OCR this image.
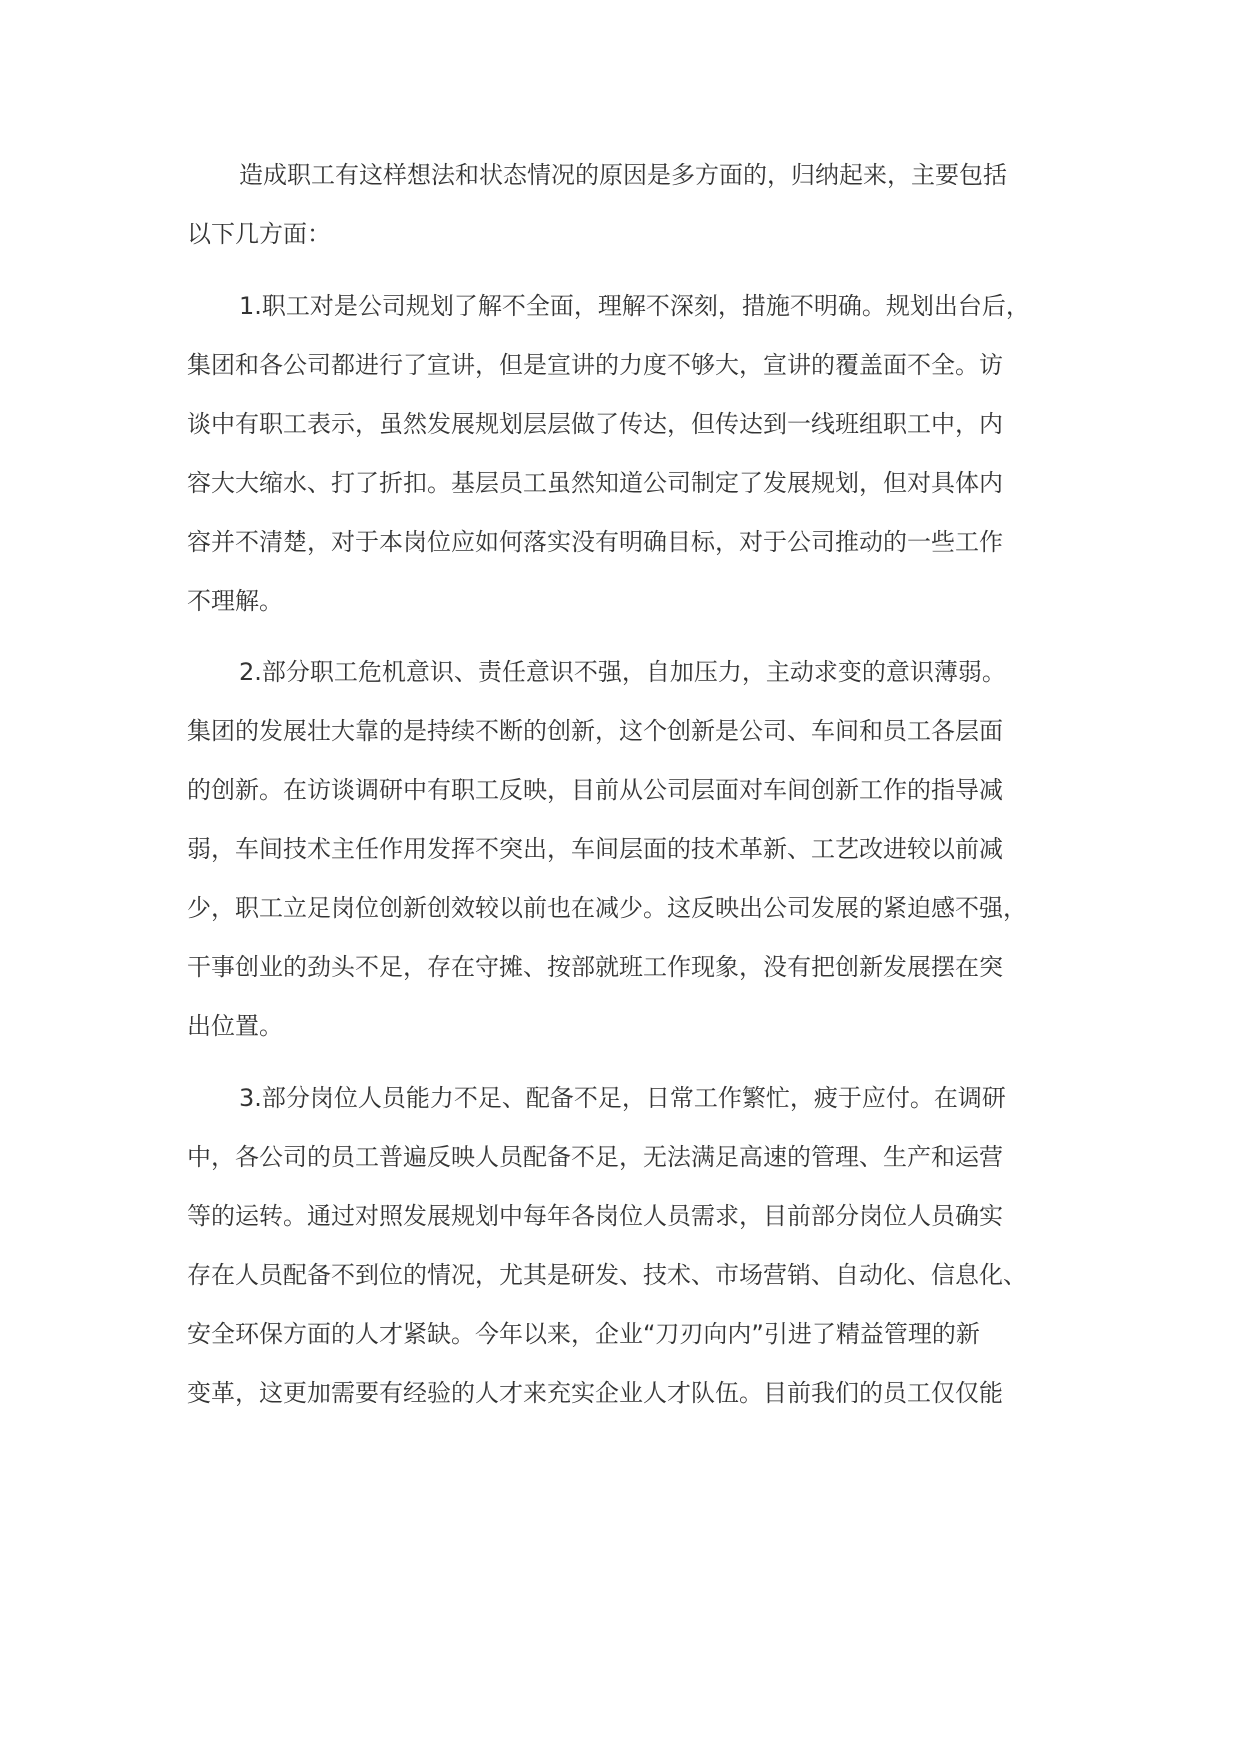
造成职工有这样想法和状态情况的原因是多方面的，归纳起来，主要包括
以下几方面：
1.职工对是公司规划了解不全面，理解不深刻，措施不明确。规划出台后，
集团和各公司都进行了宣讲，但是宣讲的力度不够大，宣讲的覆盖面不全。访
谈中有职工表示，虽然发展规划层层做了传达，但传达到一线班组职工中，内
容大大缩水、打了折扣。基层员工虽然知道公司制定了发展规划，但对具体内
容并不清楚，对于本岗位应如何落实没有明确目标，对于公司推动的一些工作
不理解。
2.部分职工危机意识、责任意识不强，自加压力，主动求变的意识薄弱。
集团的发展壮大靠的是持续不断的创新，这个创新是公司、车间和员工各层面
的创新。在访谈调研中有职工反映，目前从公司层面对车间创新工作的指导减
弱，车间技术主任作用发挥不突出，车间层面的技术革新、工艺改进较以前减
少，职工立足岗位创新创效较以前也在减少。这反映出公司发展的紧迫感不强，
干事创业的劲头不足，存在守摊、按部就班工作现象，没有把创新发展摆在突
出位置。
3.部分岗位人员能力不足、配备不足，日常工作繁忙，疲于应付。在调研
中，各公司的员工普遍反映人员配备不足，无法满足高速的管理、生产和运营
等的运转。通过对照发展规划中每年各岗位人员需求，目前部分岗位人员确实
存在人员配备不到位的情况，尤其是研发、技术、市场营销、自动化、信息化、
安全环保方面的人才紧缺。今年以来，企业“刀刃向内”引进了精益管理的新
变革，这更加需要有经验的人才来充实企业人才队伍。目前我们的员工仅仅能
